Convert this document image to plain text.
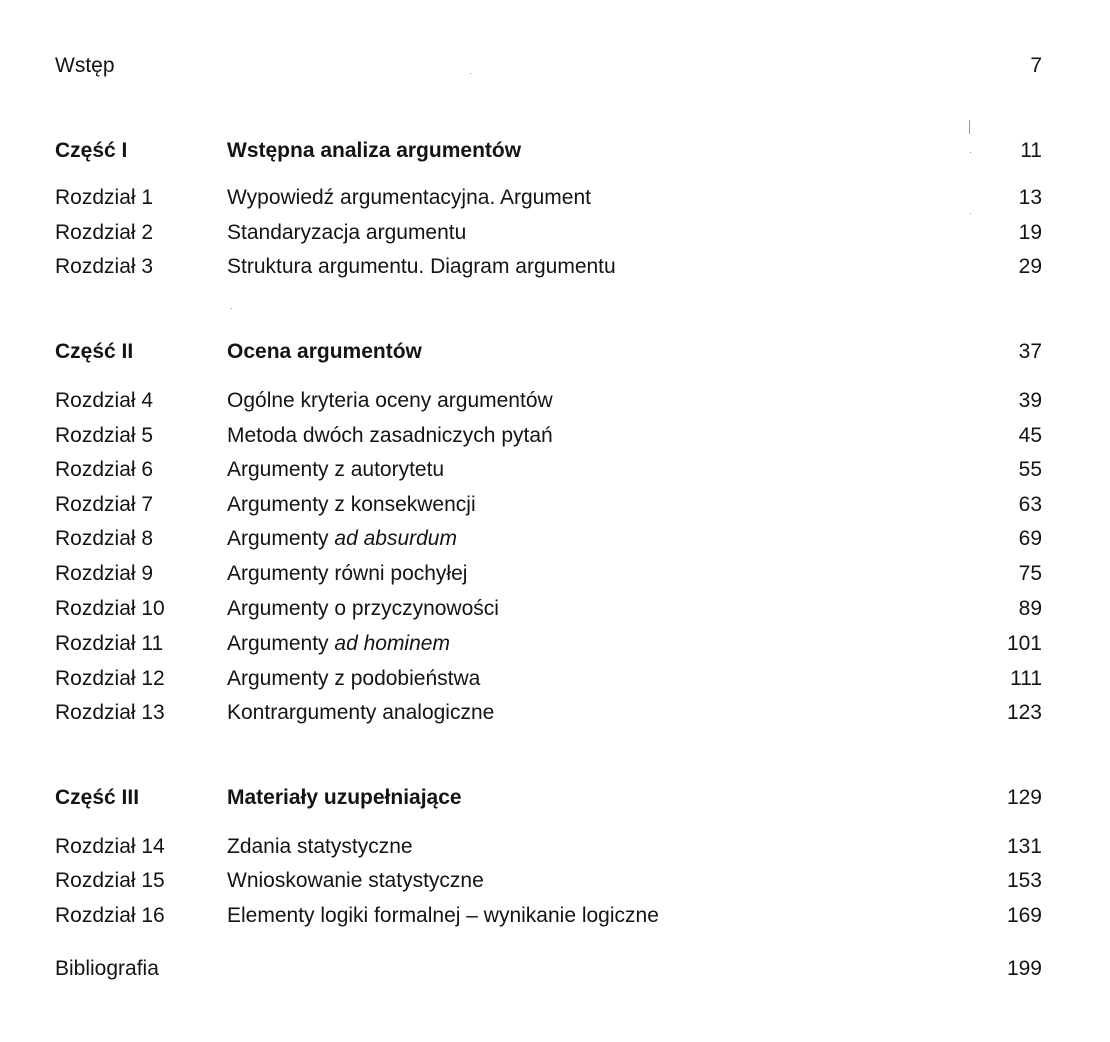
Wstęp	7
Część I	Wstępna analiza argumentów	11
Rozdział 1	Wypowiedź argumentacyjna. Argument	13
Rozdział 2	Standaryzacja argumentu	19
Rozdział 3	Struktura argumentu. Diagram argumentu	29
Część II	Ocena argumentów	37
Rozdział 4	Ogólne kryteria oceny argumentów	39
Rozdział 5	Metoda dwóch zasadniczych pytań	45
Rozdział 6	Argumenty z autorytetu	55
Rozdział 7	Argumenty z konsekwencji	63
Rozdział 8	Argumenty ad absurdum	69
Rozdział 9	Argumenty równi pochyłej	75
Rozdział 10	Argumenty o przyczynowości	89
Rozdział 11	Argumenty ad hominem	101
Rozdział 12	Argumenty z podobieństwa	111
Rozdział 13	Kontrargumenty analogiczne	123
Część III	Materiały uzupełniające	129
Rozdział 14	Zdania statystyczne	131
Rozdział 15	Wnioskowanie statystyczne	153
Rozdział 16	Elementy logiki formalnej – wynikanie logiczne	169
Bibliografia	199
